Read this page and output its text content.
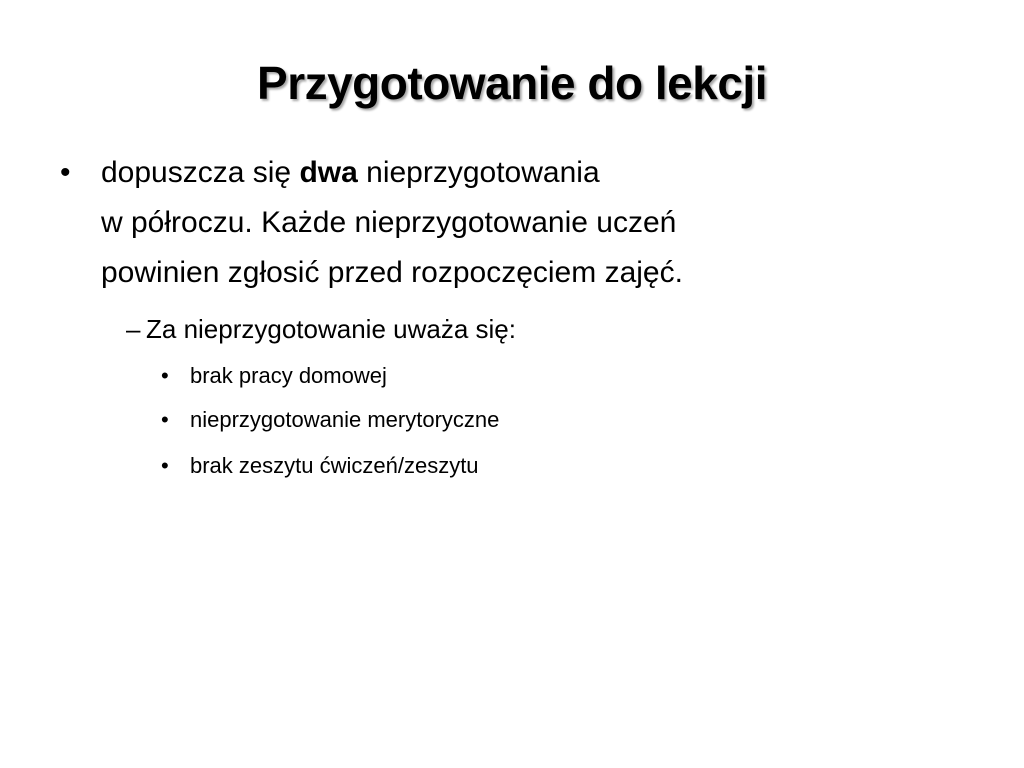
Przygotowanie do lekcji
•	dopuszcza się dwa nieprzygotowania
w półroczu. Każde nieprzygotowanie uczeń
powinien zgłosić przed rozpoczęciem zajęć.
– Za nieprzygotowanie uważa się:
• brak pracy domowej
• nieprzygotowanie merytoryczne
• brak zeszytu ćwiczeń/zeszytu
